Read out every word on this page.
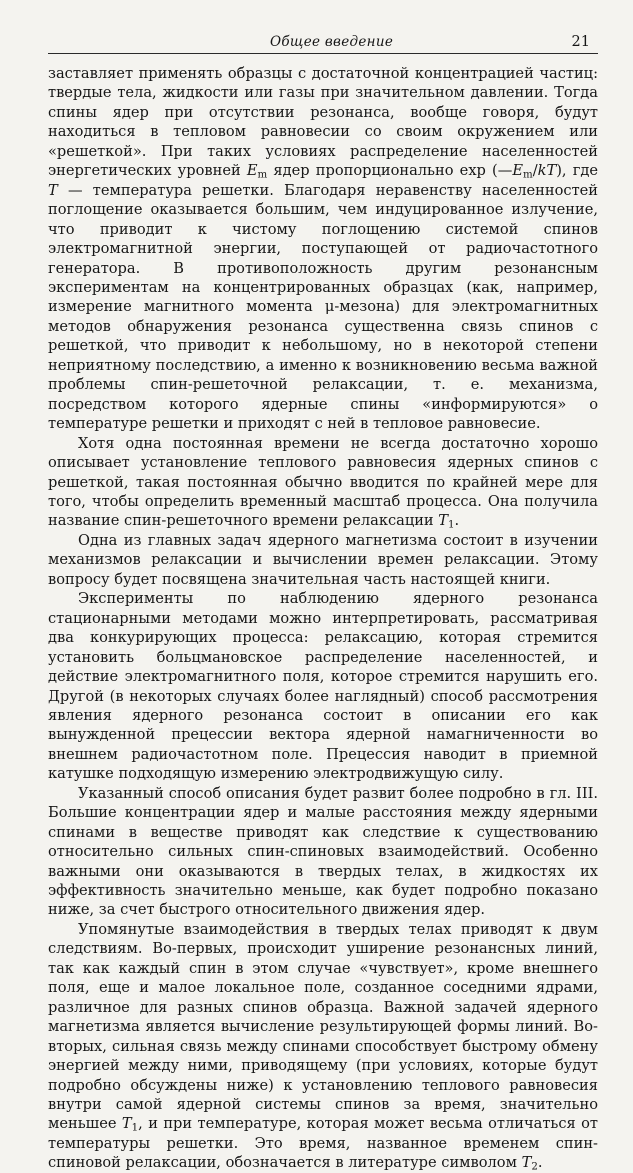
Общее введение	21

заставляет применять образцы с достаточной концентрацией частиц: твердые тела, жидкости или газы при значительном давлении. Тогда спины ядер при отсутствии резонанса, вообще говоря, будут находиться в тепловом равновесии со своим окружением или «решеткой». При таких условиях распределение населенностей энергетических уровней $E_m$ ядер пропорционально $\exp (—E_m/kT)$, где T — температура решетки. Благодаря неравенству населенностей поглощение оказывается большим, чем индуцированное излучение, что приводит к чистому поглощению системой спинов электромагнитной энергии, поступающей от радиочастотного генератора. В противоположность другим резонансным экспериментам на концентрированных образцах (как, например, измерение магнитного момента μ-мезона) для электромагнитных методов обнаружения резонанса существенна связь спинов с решеткой, что приводит к небольшому, но в некоторой степени неприятному последствию, а именно к возникновению весьма важной проблемы спин-решеточной релаксации, т. е. механизма, посредством которого ядерные спины «информируются» о температуре решетки и приходят с ней в тепловое равновесие.

Хотя одна постоянная времени не всегда достаточно хорошо описывает установление теплового равновесия ядерных спинов с решеткой, такая постоянная обычно вводится по крайней мере для того, чтобы определить временный масштаб процесса. Она получила название спин-решеточного времени релаксации $T_1$.

Одна из главных задач ядерного магнетизма состоит в изучении механизмов релаксации и вычислении времен релаксации. Этому вопросу будет посвящена значительная часть настоящей книги.

Эксперименты по наблюдению ядерного резонанса стационарными методами можно интерпретировать, рассматривая два конкурирующих процесса: релаксацию, которая стремится установить больцмановское распределение населенностей, и действие электромагнитного поля, которое стремится нарушить его. Другой (в некоторых случаях более наглядный) способ рассмотрения явления ядерного резонанса состоит в описании его как вынужденной прецессии вектора ядерной намагниченности во внешнем радиочастотном поле. Прецессия наводит в приемной катушке подходящую измерению электродвижущую силу.

Указанный способ описания будет развит более подробно в гл. III. Большие концентрации ядер и малые расстояния между ядерными спинами в веществе приводят как следствие к существованию относительно сильных спин-спиновых взаимодействий. Особенно важными они оказываются в твердых телах, в жидкостях их эффективность значительно меньше, как будет подробно показано ниже, за счет быстрого относительного движения ядер.

Упомянутые взаимодействия в твердых телах приводят к двум следствиям. Во-первых, происходит уширение резонансных линий, так как каждый спин в этом случае «чувствует», кроме внешнего поля, еще и малое локальное поле, созданное соседними ядрами, различное для разных спинов образца. Важной задачей ядерного магнетизма является вычисление результирующей формы линий. Во-вторых, сильная связь между спинами способствует быстрому обмену энергией между ними, приводящему (при условиях, которые будут подробно обсуждены ниже) к установлению теплового равновесия внутри самой ядерной системы спинов за время, значительно меньшее $T_1$, и при температуре, которая может весьма отличаться от температуры решетки. Это время, названное временем спин-спиновой релаксации, обозначается в литературе символом $T_2$.
